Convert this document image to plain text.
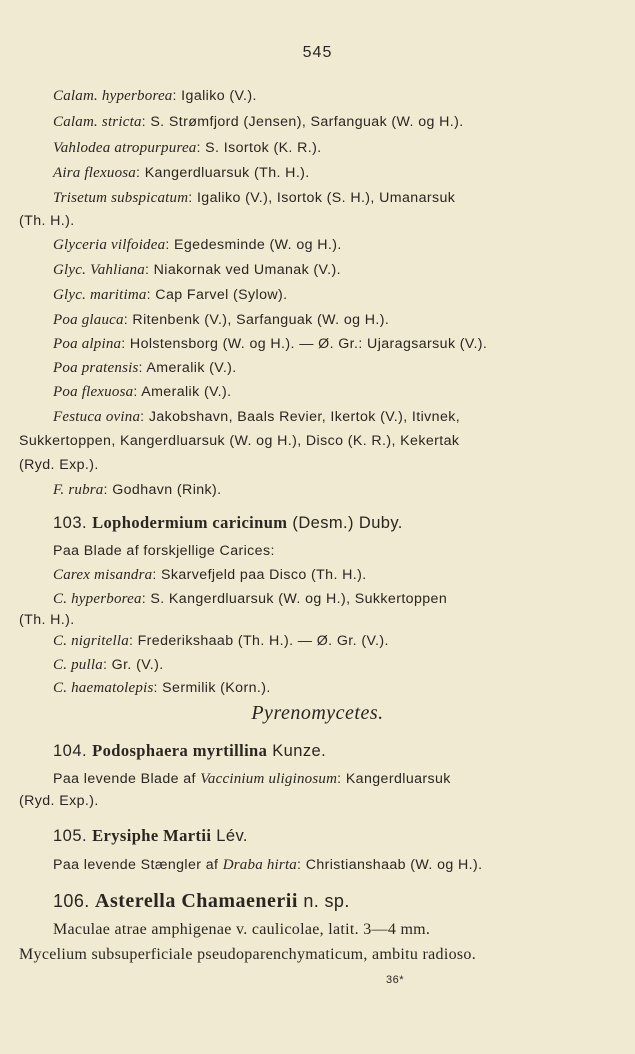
545
Calam. hyperborea: Igaliko (V.).
Calam. stricta: S. Strømfjord (Jensen), Sarfanguak (W. og H.).
Vahlodea atropurpurea: S. Isortok (K. R.).
Aira flexuosa: Kangerdluarsuk (Th. H.).
Trisetum subspicatum: Igaliko (V.), Isortok (S. H.), Umanarsuk
(Th. H.).
Glyceria vilfoidea: Egedesminde (W. og H.).
Glyc. Vahliana: Niakornak ved Umanak (V.).
Glyc. maritima: Cap Farvel (Sylow).
Poa glauca: Ritenbenk (V.), Sarfanguak (W. og H.).
Poa alpina: Holstensborg (W. og H.). — Ø. Gr.: Ujaragsarsuk (V.).
Poa pratensis: Ameralik (V.).
Poa flexuosa: Ameralik (V.).
Festuca ovina: Jakobshavn, Baals Revier, Ikertok (V.), Itivnek,
Sukkertoppen, Kangerdluarsuk (W. og H.), Disco (K. R.), Kekertak
(Ryd. Exp.).
F. rubra: Godhavn (Rink).
103. Lophodermium caricinum (Desm.) Duby.
Paa Blade af forskjellige Carices:
Carex misandra: Skarvefjeld paa Disco (Th. H.).
C. hyperborea: S. Kangerdluarsuk (W. og H.), Sukkertoppen
(Th. H.).
C. nigritella: Frederikshaab (Th. H.). — Ø. Gr. (V.).
C. pulla: Gr. (V.).
C. haematolepis: Sermilik (Korn.).
Pyrenomycetes.
104. Podosphaera myrtillina Kunze.
Paa levende Blade af Vaccinium uliginosum: Kangerdluarsuk
(Ryd. Exp.).
105. Erysiphe Martii Lév.
Paa levende Stængler af Draba hirta: Christianshaab (W. og H.).
106. Asterella Chamaenerii n. sp.
Maculae atrae amphigenae v. caulicolae, latit. 3—4 mm.
Mycelium subsuperficiale pseudoparenchymaticum, ambitu radioso.
36*
